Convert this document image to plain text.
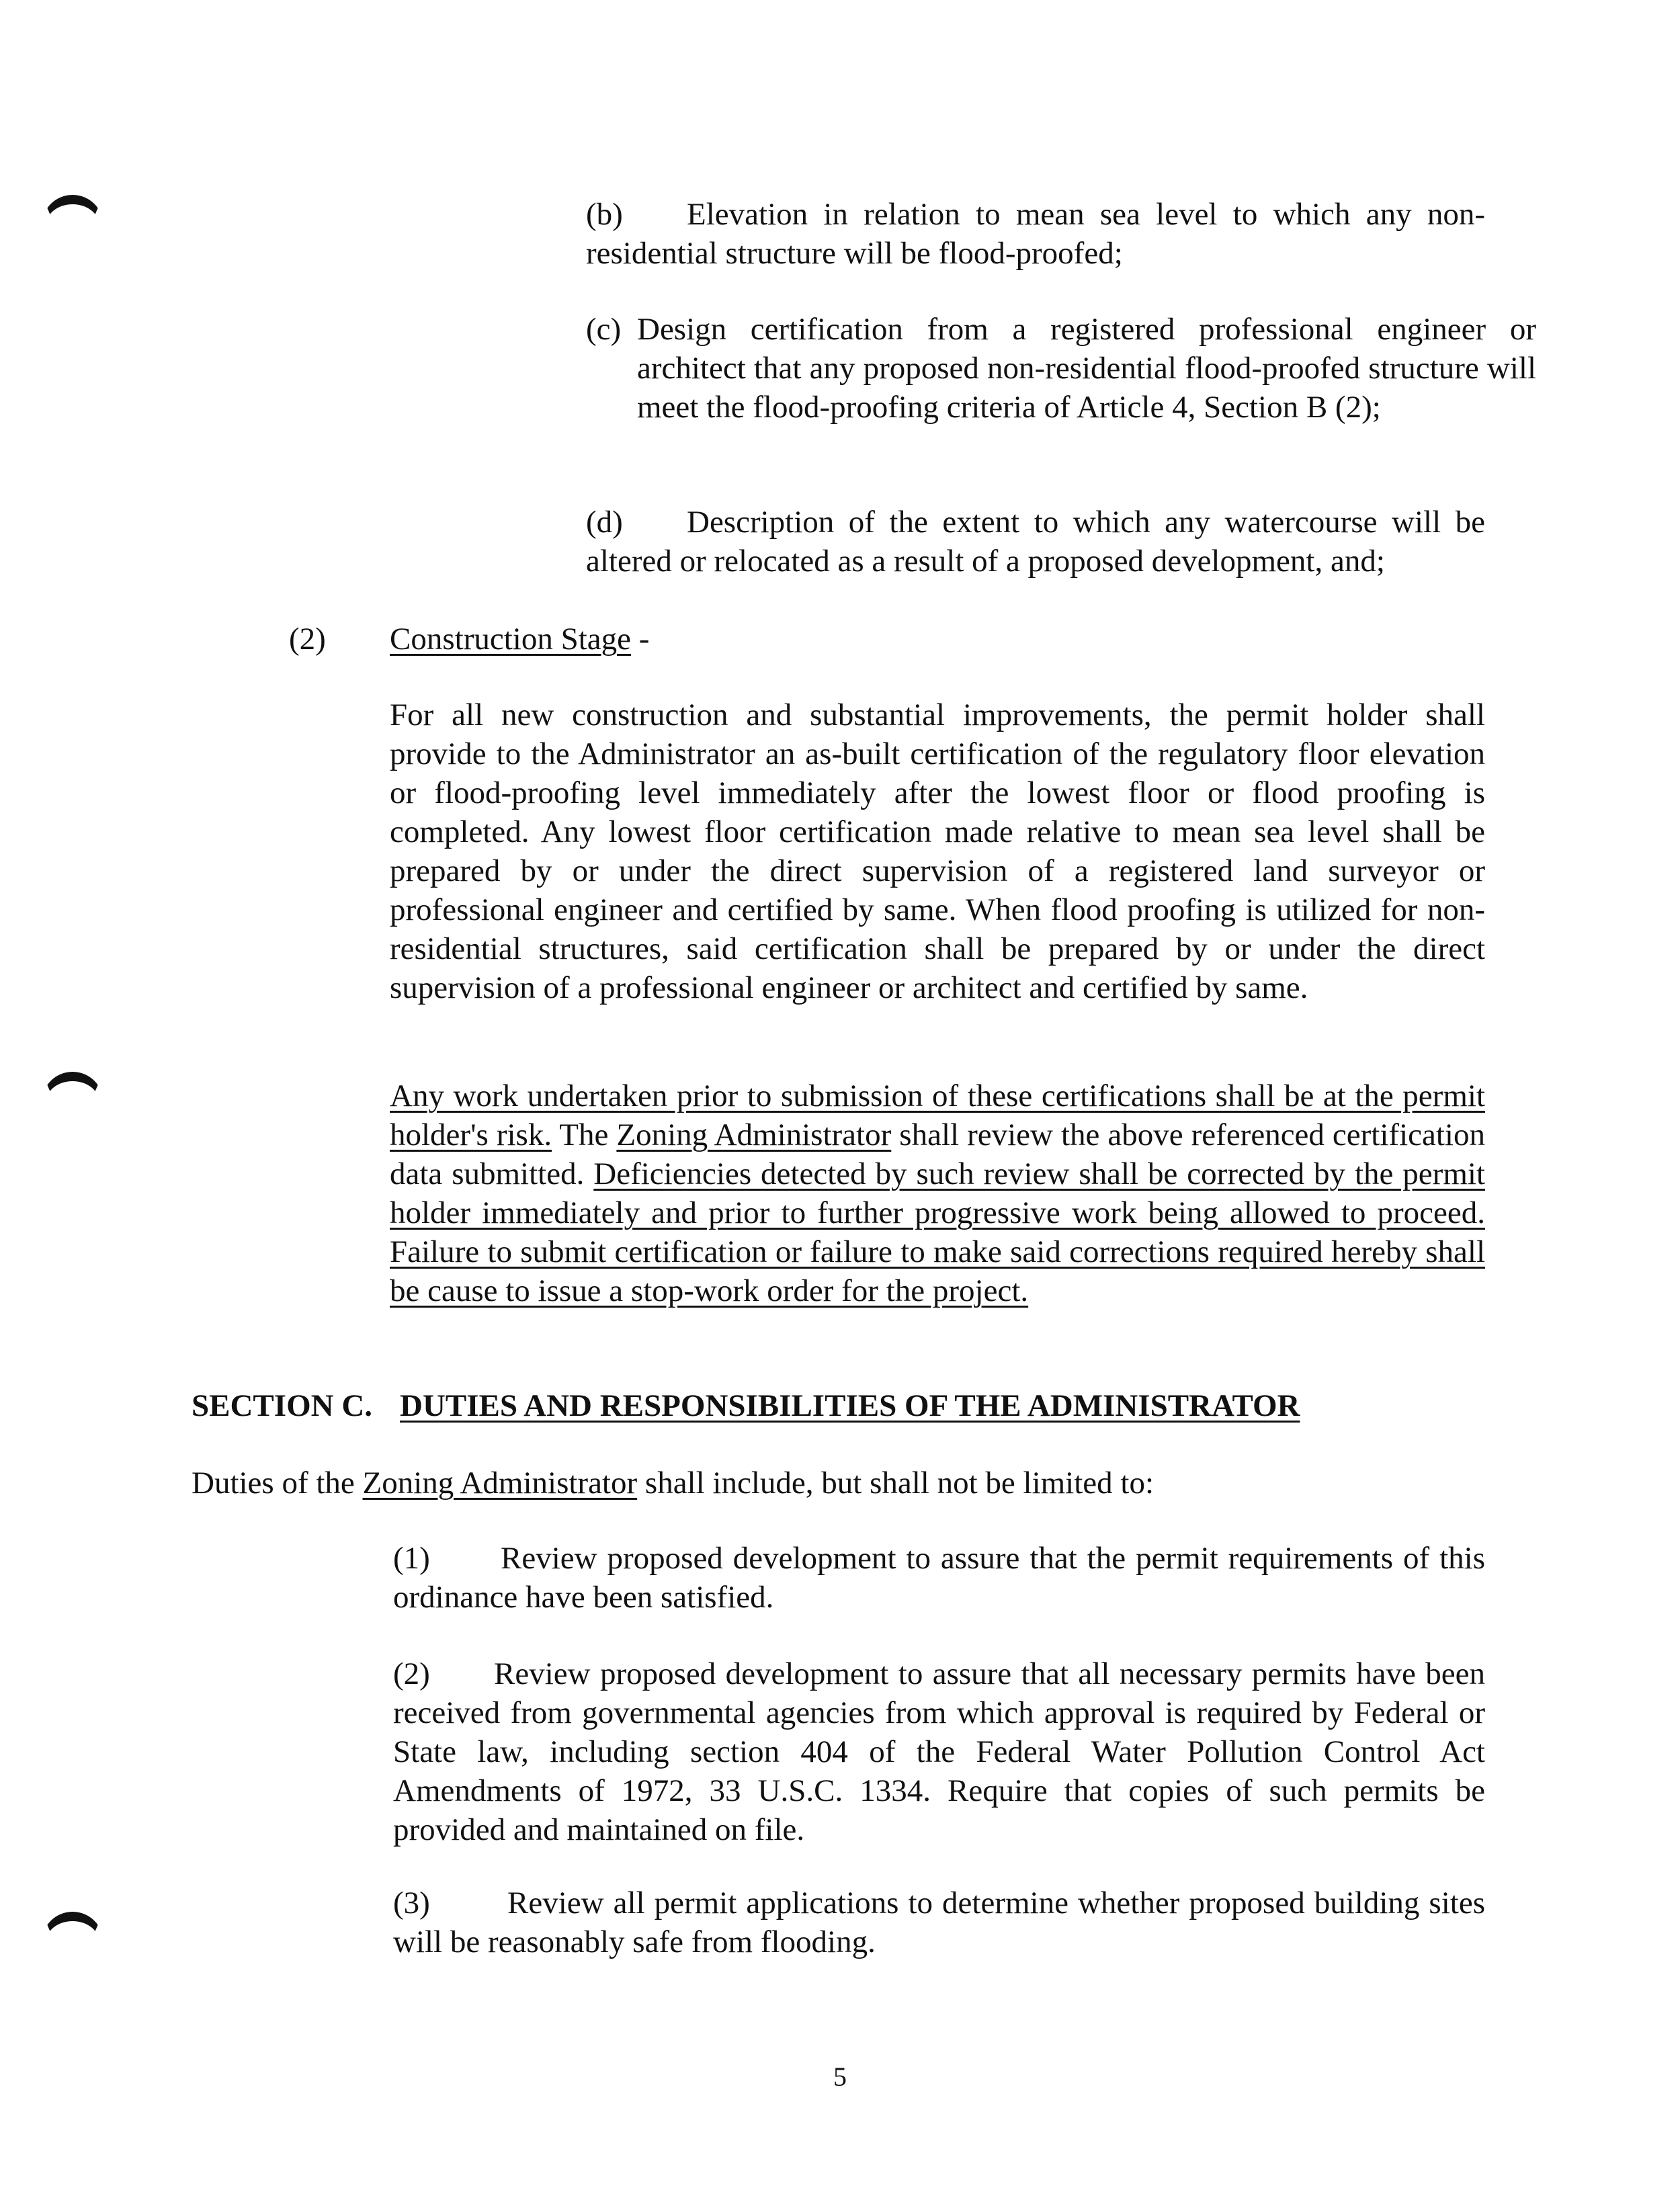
(b) Elevation in relation to mean sea level to which any non-residential structure will be flood-proofed;

(c) Design certification from a registered professional engineer or architect that any proposed non-residential flood-proofed structure will meet the flood-proofing criteria of Article 4, Section B (2);

(d) Description of the extent to which any watercourse will be altered or relocated as a result of a proposed development, and;

(2) Construction Stage -

For all new construction and substantial improvements, the permit holder shall provide to the Administrator an as-built certification of the regulatory floor elevation or flood-proofing level immediately after the lowest floor or flood proofing is completed. Any lowest floor certification made relative to mean sea level shall be prepared by or under the direct supervision of a registered land surveyor or professional engineer and certified by same. When flood proofing is utilized for non-residential structures, said certification shall be prepared by or under the direct supervision of a professional engineer or architect and certified by same.

Any work undertaken prior to submission of these certifications shall be at the permit holder's risk. The Zoning Administrator shall review the above referenced certification data submitted. Deficiencies detected by such review shall be corrected by the permit holder immediately and prior to further progressive work being allowed to proceed. Failure to submit certification or failure to make said corrections required hereby shall be cause to issue a stop-work order for the project.

SECTION C. DUTIES AND RESPONSIBILITIES OF THE ADMINISTRATOR

Duties of the Zoning Administrator shall include, but shall not be limited to:

(1) Review proposed development to assure that the permit requirements of this ordinance have been satisfied.

(2) Review proposed development to assure that all necessary permits have been received from governmental agencies from which approval is required by Federal or State law, including section 404 of the Federal Water Pollution Control Act Amendments of 1972, 33 U.S.C. 1334. Require that copies of such permits be provided and maintained on file.

(3) Review all permit applications to determine whether proposed building sites will be reasonably safe from flooding.

5
